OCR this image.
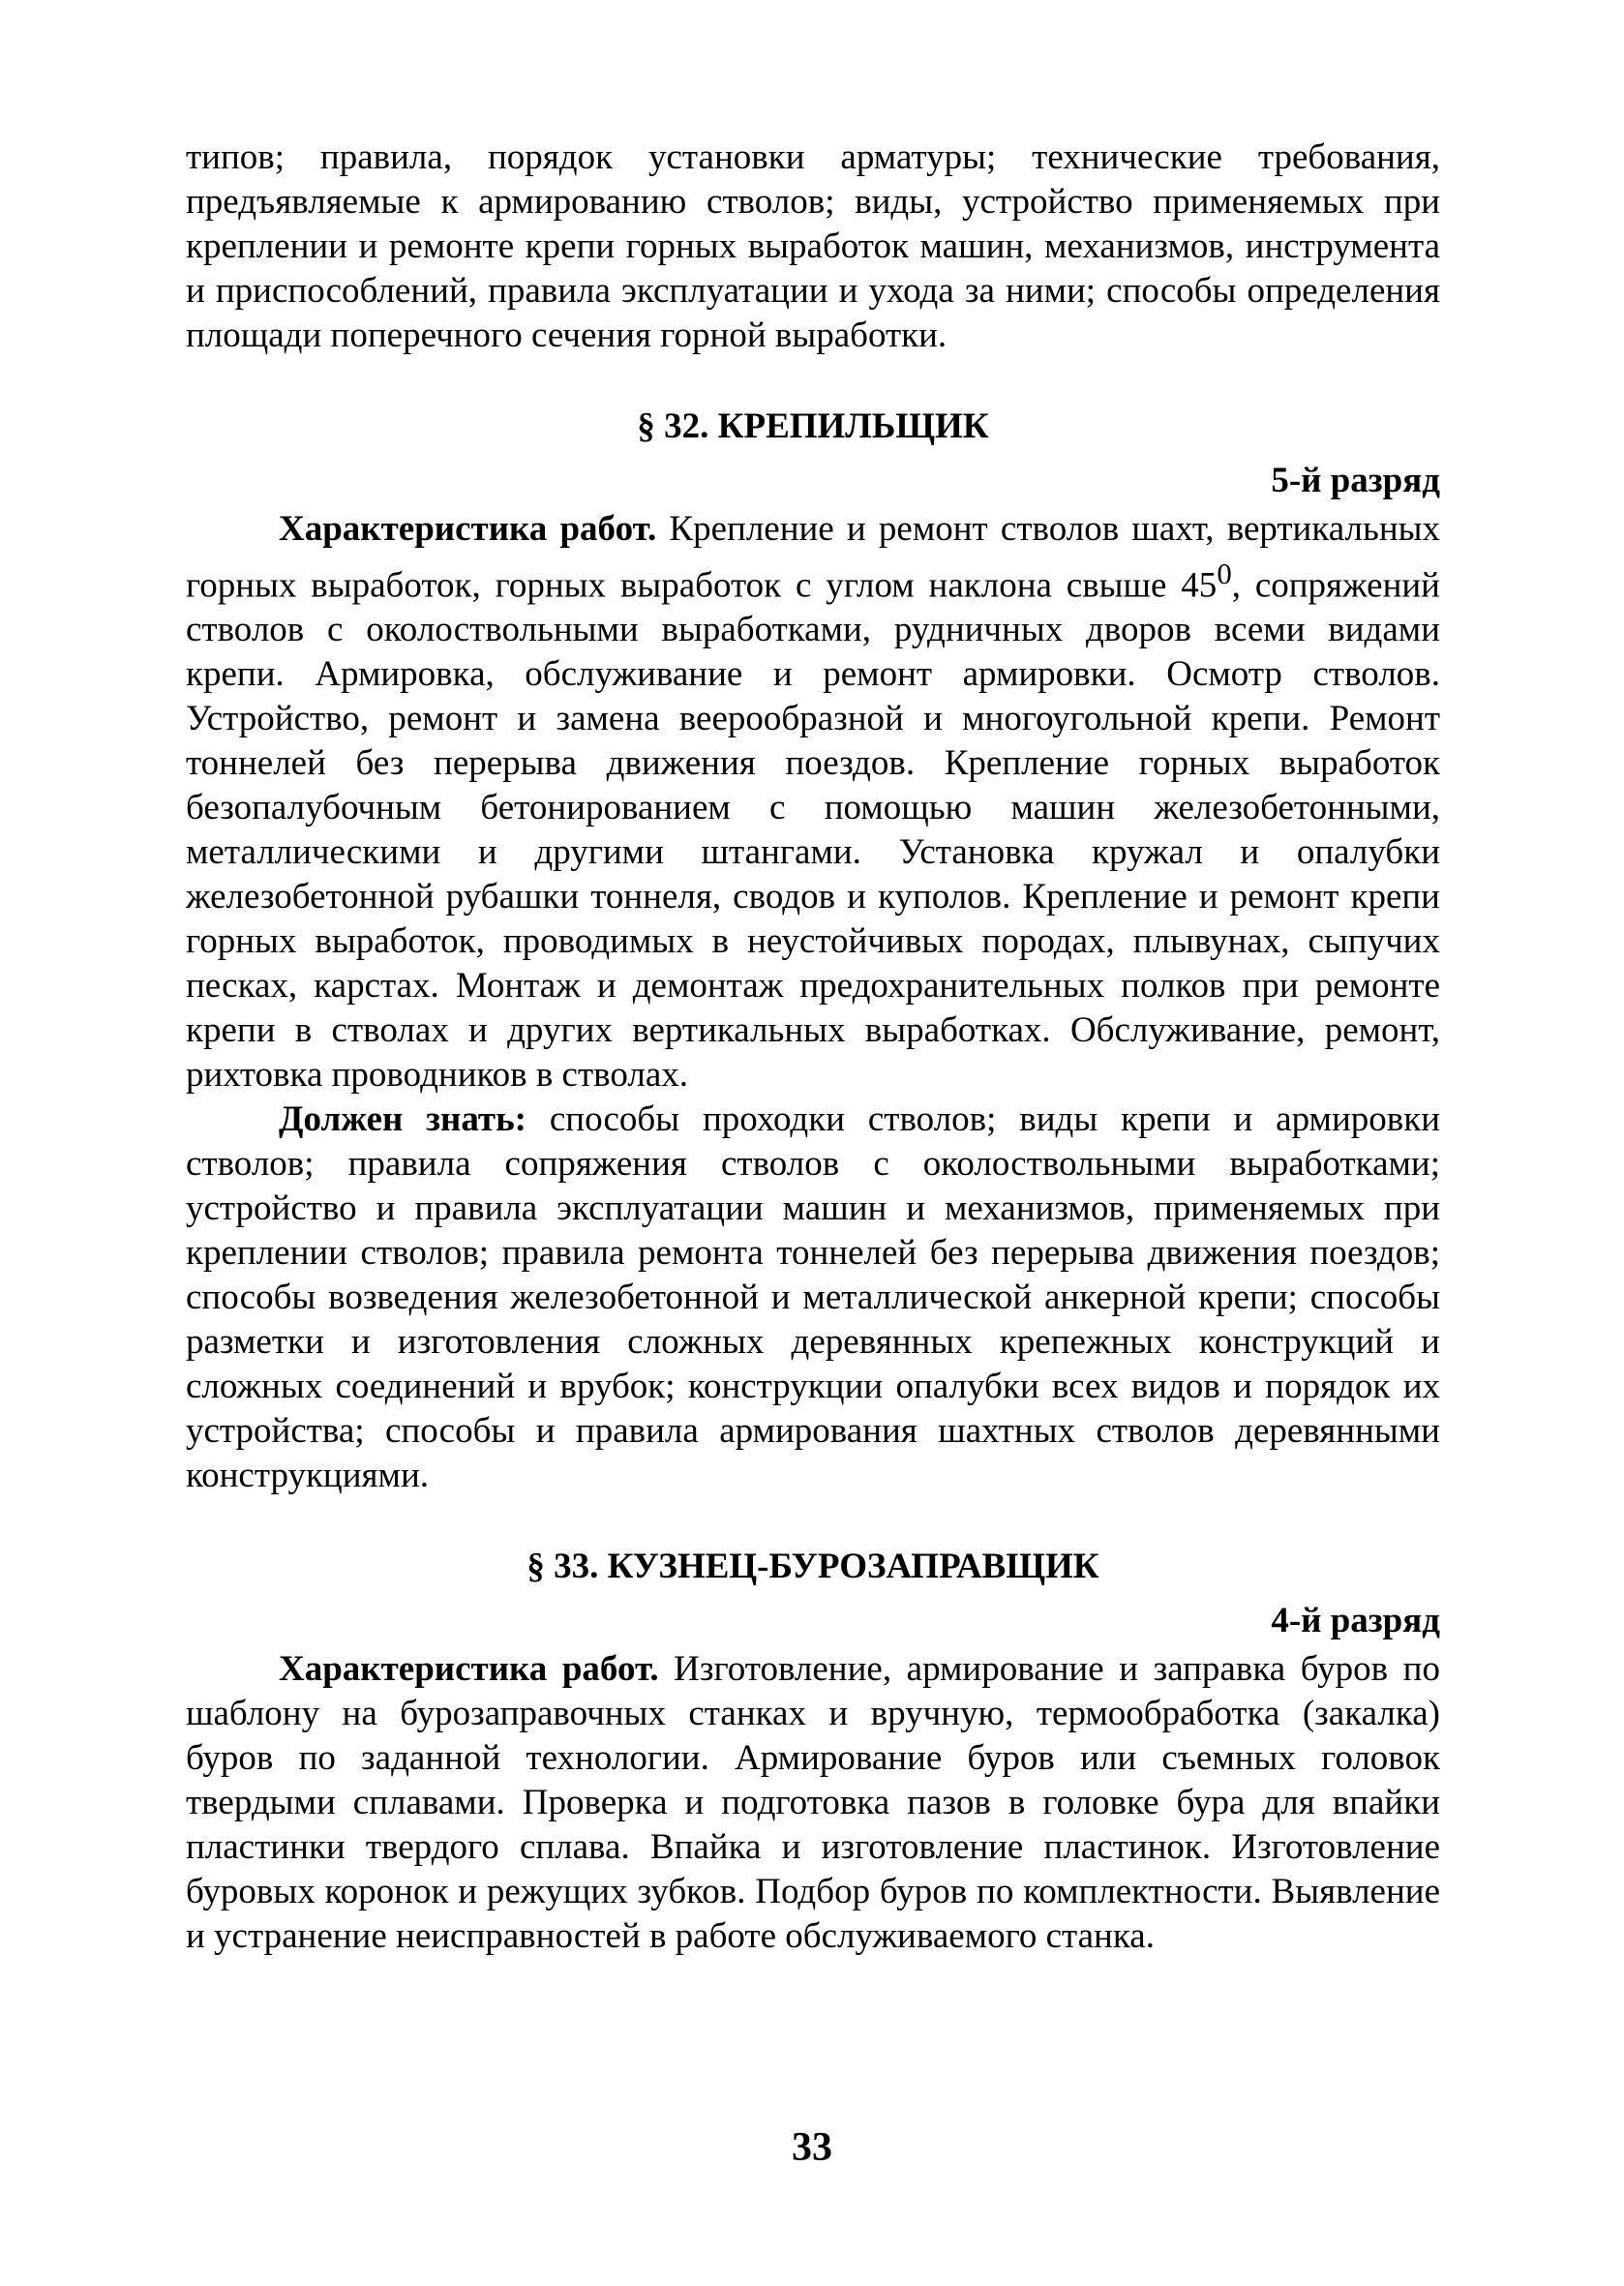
типов; правила, порядок установки арматуры; технические требования, предъявляемые к армированию стволов; виды, устройство применяемых при креплении и ремонте крепи горных выработок машин, механизмов, инструмента и приспособлений, правила эксплуатации и ухода за ними; способы определения площади поперечного сечения горной выработки.

§ 32. КРЕПИЛЬЩИК

5-й разряд

Характеристика работ. Крепление и ремонт стволов шахт, вертикальных горных выработок, горных выработок с углом наклона свыше $45^0$, сопряжений стволов с околоствольными выработками, рудничных дворов всеми видами крепи. Армировка, обслуживание и ремонт армировки. Осмотр стволов. Устройство, ремонт и замена веерообразной и многоугольной крепи. Ремонт тоннелей без перерыва движения поездов. Крепление горных выработок безопалубочным бетонированием с помощью машин железобетонными, металлическими и другими штангами. Установка кружал и опалубки железобетонной рубашки тоннеля, сводов и куполов. Крепление и ремонт крепи горных выработок, проводимых в неустойчивых породах, плывунах, сыпучих песках, карстах. Монтаж и демонтаж предохранительных полков при ремонте крепи в стволах и других вертикальных выработках. Обслуживание, ремонт, рихтовка проводников в стволах.

Должен знать: способы проходки стволов; виды крепи и армировки стволов; правила сопряжения стволов с околоствольными выработками; устройство и правила эксплуатации машин и механизмов, применяемых при креплении стволов; правила ремонта тоннелей без перерыва движения поездов; способы возведения железобетонной и металлической анкерной крепи; способы разметки и изготовления сложных деревянных крепежных конструкций и сложных соединений и врубок; конструкции опалубки всех видов и порядок их устройства; способы и правила армирования шахтных стволов деревянными конструкциями.

§ 33. КУЗНЕЦ-БУРОЗАПРАВЩИК

4-й разряд

Характеристика работ. Изготовление, армирование и заправка буров по шаблону на бурозаправочных станках и вручную, термообработка (закалка) буров по заданной технологии. Армирование буров или съемных головок твердыми сплавами. Проверка и подготовка пазов в головке бура для впайки пластинки твердого сплава. Впайка и изготовление пластинок. Изготовление буровых коронок и режущих зубков. Подбор буров по комплектности. Выявление и устранение неисправностей в работе обслуживаемого станка.

33
